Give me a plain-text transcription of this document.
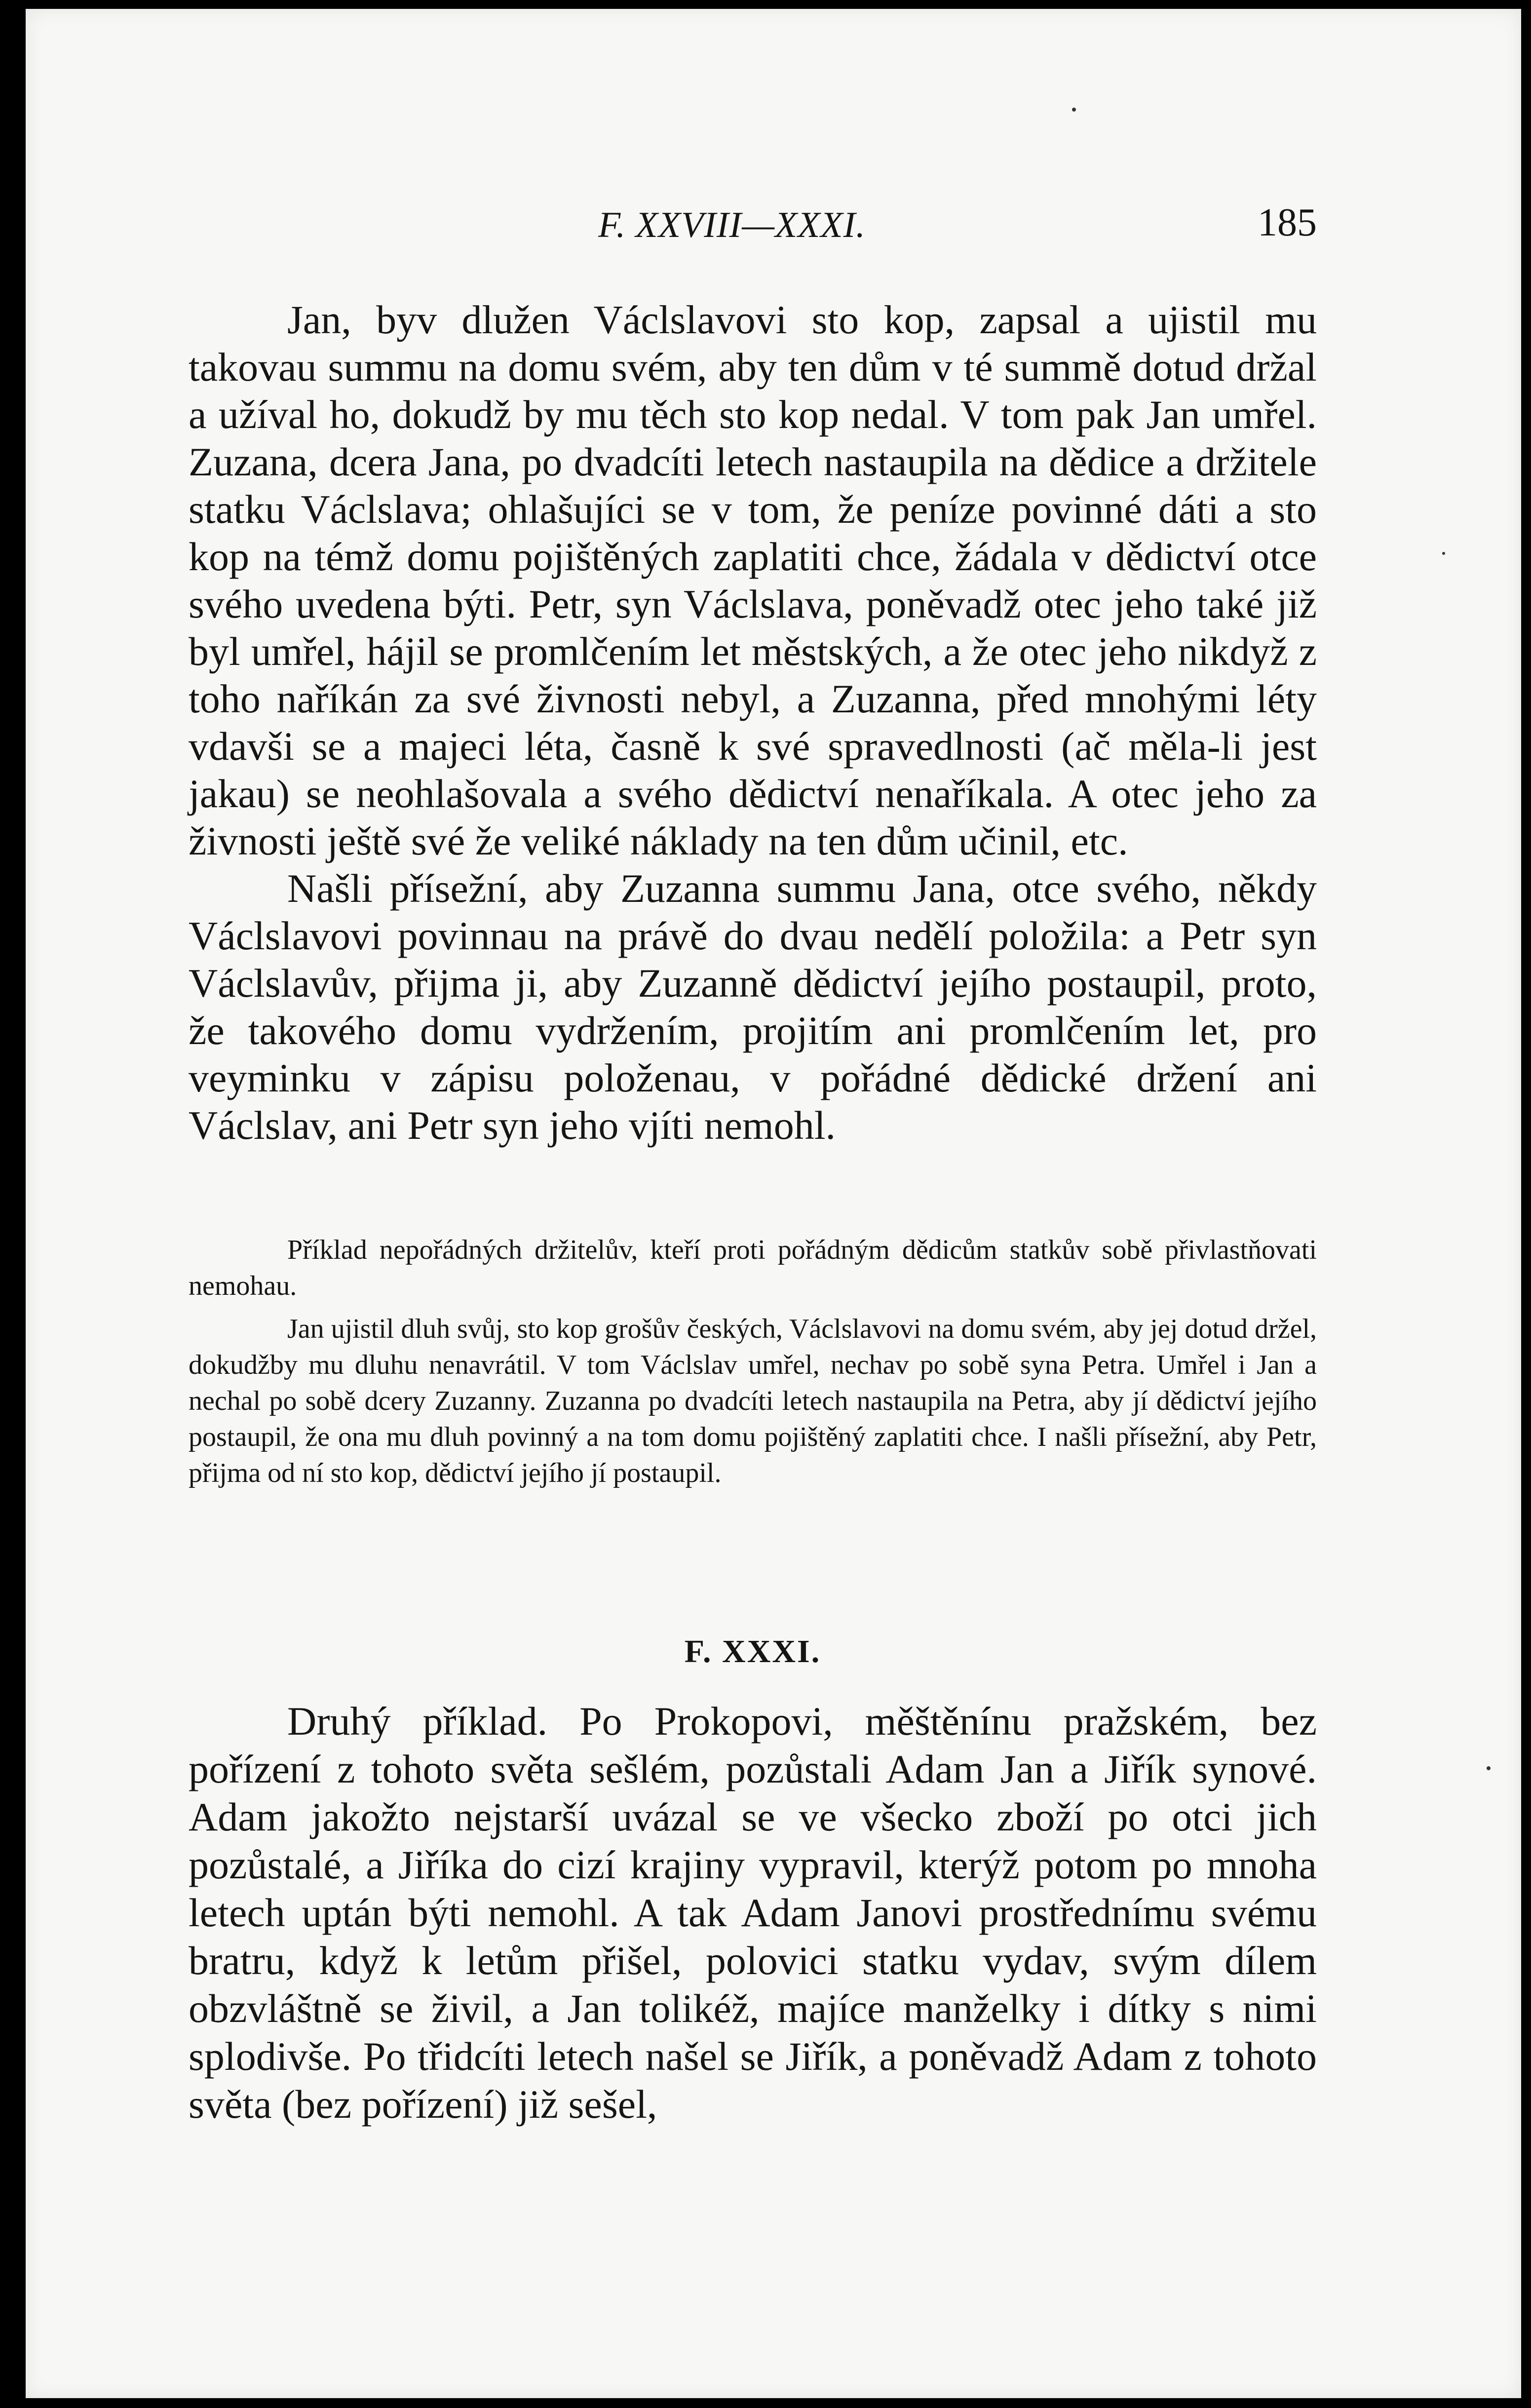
F. XXVIII—XXXI.	185

Jan, byv dlužen Václslavovi sto kop, zapsal a ujistil mu takovau summu na domu svém, aby ten dům v té summě dotud držal a užíval ho, dokudž by mu těch sto kop nedal. V tom pak Jan umřel. Zuzana, dcera Jana, po dvadcíti letech nastaupila na dědice a držitele statku Václslava; ohlašujíci se v tom, že peníze povinné dáti a sto kop na témž domu pojištěných zaplatiti chce, žádala v dědictví otce svého uvedena býti. Petr, syn Václslava, poněvadž otec jeho také již byl umřel, hájil se promlčením let městských, a že otec jeho nikdyž z toho naříkán za své živnosti nebyl, a Zuzanna, před mnohými léty vdavši se a majeci léta, časně k své spravedlnosti (ač měla-li jest jakau) se neohlašovala a svého dědictví nenaříkala. A otec jeho za živnosti ještě své že veliké náklady na ten dům učinil, etc.

Našli přísežní, aby Zuzanna summu Jana, otce svého, někdy Václslavovi povinnau na právě do dvau nedělí položila: a Petr syn Václslavův, přijma ji, aby Zuzanně dědictví jejího postaupil, proto, že takového domu vydržením, projitím ani promlčením let, pro veyminku v zápisu položenau, v pořádné dědické držení ani Václslav, ani Petr syn jeho vjíti nemohl.

Příklad nepořádných držitelův, kteří proti pořádným dědicům statkův sobě přivlastňovati nemohau.

Jan ujistil dluh svůj, sto kop grošův českých, Václslavovi na domu svém, aby jej dotud držel, dokudžby mu dluhu nenavrátil. V tom Václslav umřel, nechav po sobě syna Petra. Umřel i Jan a nechal po sobě dcery Zuzanny. Zuzanna po dvadcíti letech nastaupila na Petra, aby jí dědictví jejího postaupil, že ona mu dluh povinný a na tom domu pojištěný zaplatiti chce. I našli přísežní, aby Petr, přijma od ní sto kop, dědictví jejího jí postaupil.

F. XXXI.

Druhý příklad. Po Prokopovi, měštěnínu pražském, bez pořízení z tohoto světa sešlém, pozůstali Adam Jan a Jiřík synové. Adam jakožto nejstarší uvázal se ve všecko zboží po otci jich pozůstalé, a Jiříka do cizí krajiny vypravil, kterýž potom po mnoha letech uptán býti nemohl. A tak Adam Janovi prostřednímu svému bratru, když k letům přišel, polovici statku vydav, svým dílem obzvláštně se živil, a Jan tolikéž, majíce manželky i dítky s nimi splodivše. Po třidcíti letech našel se Jiřík, a poněvadž Adam z tohoto světa (bez pořízení) již sešel,
